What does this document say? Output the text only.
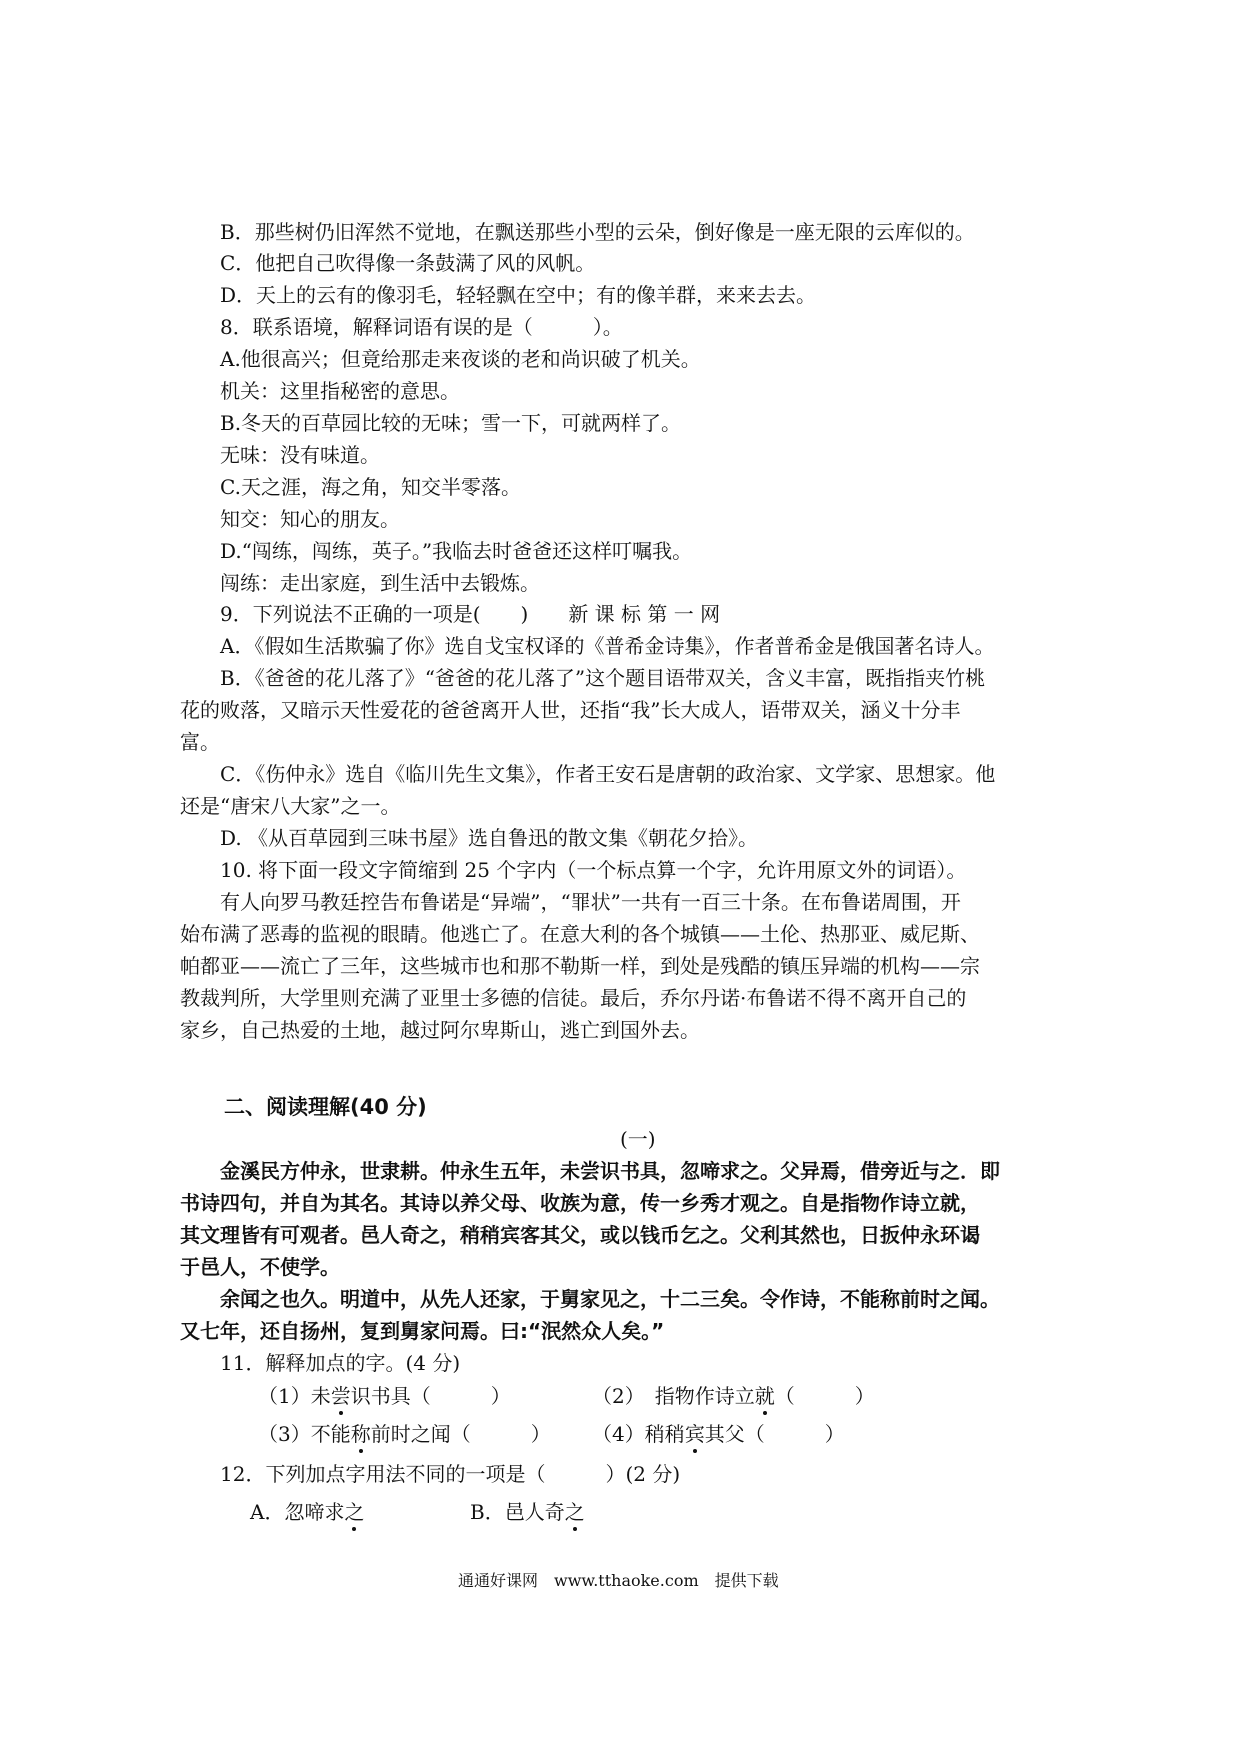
B．那些树仍旧浑然不觉地，在飘送那些小型的云朵，倒好像是一座无限的云库似的。
C．他把自己吹得像一条鼓满了风的风帆。
D．天上的云有的像羽毛，轻轻飘在空中；有的像羊群，来来去去。
8．联系语境，解释词语有误的是（　　　）。
A.他很高兴；但竟给那走来夜谈的老和尚识破了机关。
机关：这里指秘密的意思。
B.冬天的百草园比较的无味；雪一下，可就两样了。
无味：没有味道。
C.天之涯，海之角，知交半零落。
知交：知心的朋友。
D.“闯练，闯练，英子。”我临去时爸爸还这样叮嘱我。
闯练：走出家庭，到生活中去锻炼。
9．下列说法不正确的一项是(　　)　　新 课 标 第 一 网
A．《假如生活欺骗了你》选自戈宝权译的《普希金诗集》，作者普希金是俄国著名诗人。
B．《爸爸的花儿落了》“爸爸的花儿落了”这个题目语带双关，含义丰富，既指指夹竹桃
花的败落，又暗示天性爱花的爸爸离开人世，还指“我”长大成人，语带双关，涵义十分丰
富。
C．《伤仲永》选自《临川先生文集》，作者王安石是唐朝的政治家、文学家、思想家。他
还是“唐宋八大家”之一。
D. 《从百草园到三味书屋》选自鲁迅的散文集《朝花夕拾》。
10. 将下面一段文字简缩到 25 个字内（一个标点算一个字，允许用原文外的词语）。
有人向罗马教廷控告布鲁诺是“异端”，“罪状”一共有一百三十条。在布鲁诺周围，开
始布满了恶毒的监视的眼睛。他逃亡了。在意大利的各个城镇——土伦、热那亚、威尼斯、
帕都亚——流亡了三年，这些城市也和那不勒斯一样，到处是残酷的镇压异端的机构——宗
教裁判所，大学里则充满了亚里士多德的信徒。最后，乔尔丹诺·布鲁诺不得不离开自己的
家乡，自己热爱的土地，越过阿尔卑斯山，逃亡到国外去。
二、阅读理解(40 分)
(一)
金溪民方仲永，世隶耕。仲永生五年，未尝识书具，忽啼求之。父异焉，借旁近与之．即
书诗四句，并自为其名。其诗以养父母、收族为意，传一乡秀才观之。自是指物作诗立就，
其文理皆有可观者。邑人奇之，稍稍宾客其父，或以钱币乞之。父利其然也，日扳仲永环谒
于邑人，不使学。
余闻之也久。明道中，从先人还家，于舅家见之，十二三矣。令作诗，不能称前时之闻。
又七年，还自扬州，复到舅家问焉。曰:“泯然众人矣。”
11．解释加点的字。(4 分)
（1）未尝识书具（　　　）	（2）　指物作诗立就（　　　）
（3）不能称前时之闻（　　　） （4）稍稍宾其父（　　　）
12．下列加点字用法不同的一项是（　　　）(2 分)
A．忽啼求之	B．邑人奇之
通通好课网　www.tthaoke.com　提供下载
